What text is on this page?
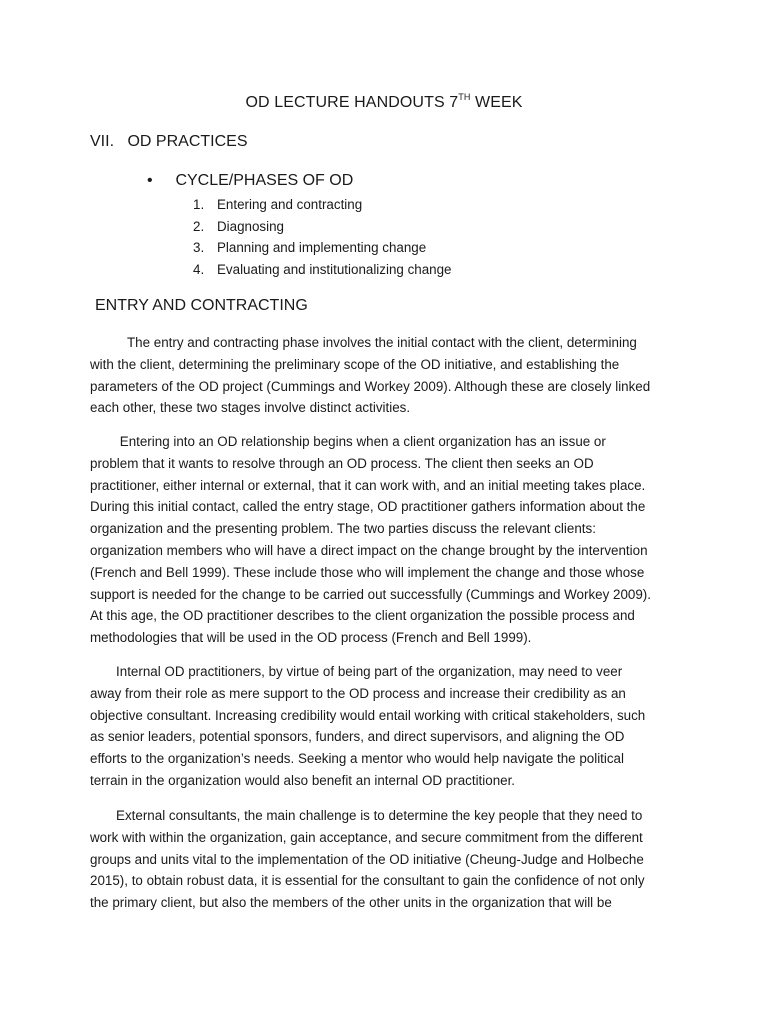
OD LECTURE HANDOUTS 7TH WEEK
VII. OD PRACTICES
• CYCLE/PHASES OF OD
1. Entering and contracting
2. Diagnosing
3. Planning and implementing change
4. Evaluating and institutionalizing change
ENTRY AND CONTRACTING
The entry and contracting phase involves the initial contact with the client, determining
with the client, determining the preliminary scope of the OD initiative, and establishing the
parameters of the OD project (Cummings and Workey 2009). Although these are closely linked
each other, these two stages involve distinct activities.
Entering into an OD relationship begins when a client organization has an issue or
problem that it wants to resolve through an OD process. The client then seeks an OD
practitioner, either internal or external, that it can work with, and an initial meeting takes place.
During this initial contact, called the entry stage, OD practitioner gathers information about the
organization and the presenting problem. The two parties discuss the relevant clients:
organization members who will have a direct impact on the change brought by the intervention
(French and Bell 1999). These include those who will implement the change and those whose
support is needed for the change to be carried out successfully (Cummings and Workey 2009).
At this age, the OD practitioner describes to the client organization the possible process and
methodologies that will be used in the OD process (French and Bell 1999).
Internal OD practitioners, by virtue of being part of the organization, may need to veer
away from their role as mere support to the OD process and increase their credibility as an
objective consultant. Increasing credibility would entail working with critical stakeholders, such
as senior leaders, potential sponsors, funders, and direct supervisors, and aligning the OD
efforts to the organization’s needs. Seeking a mentor who would help navigate the political
terrain in the organization would also benefit an internal OD practitioner.
External consultants, the main challenge is to determine the key people that they need to
work with within the organization, gain acceptance, and secure commitment from the different
groups and units vital to the implementation of the OD initiative (Cheung-Judge and Holbeche
2015), to obtain robust data, it is essential for the consultant to gain the confidence of not only
the primary client, but also the members of the other units in the organization that will be
